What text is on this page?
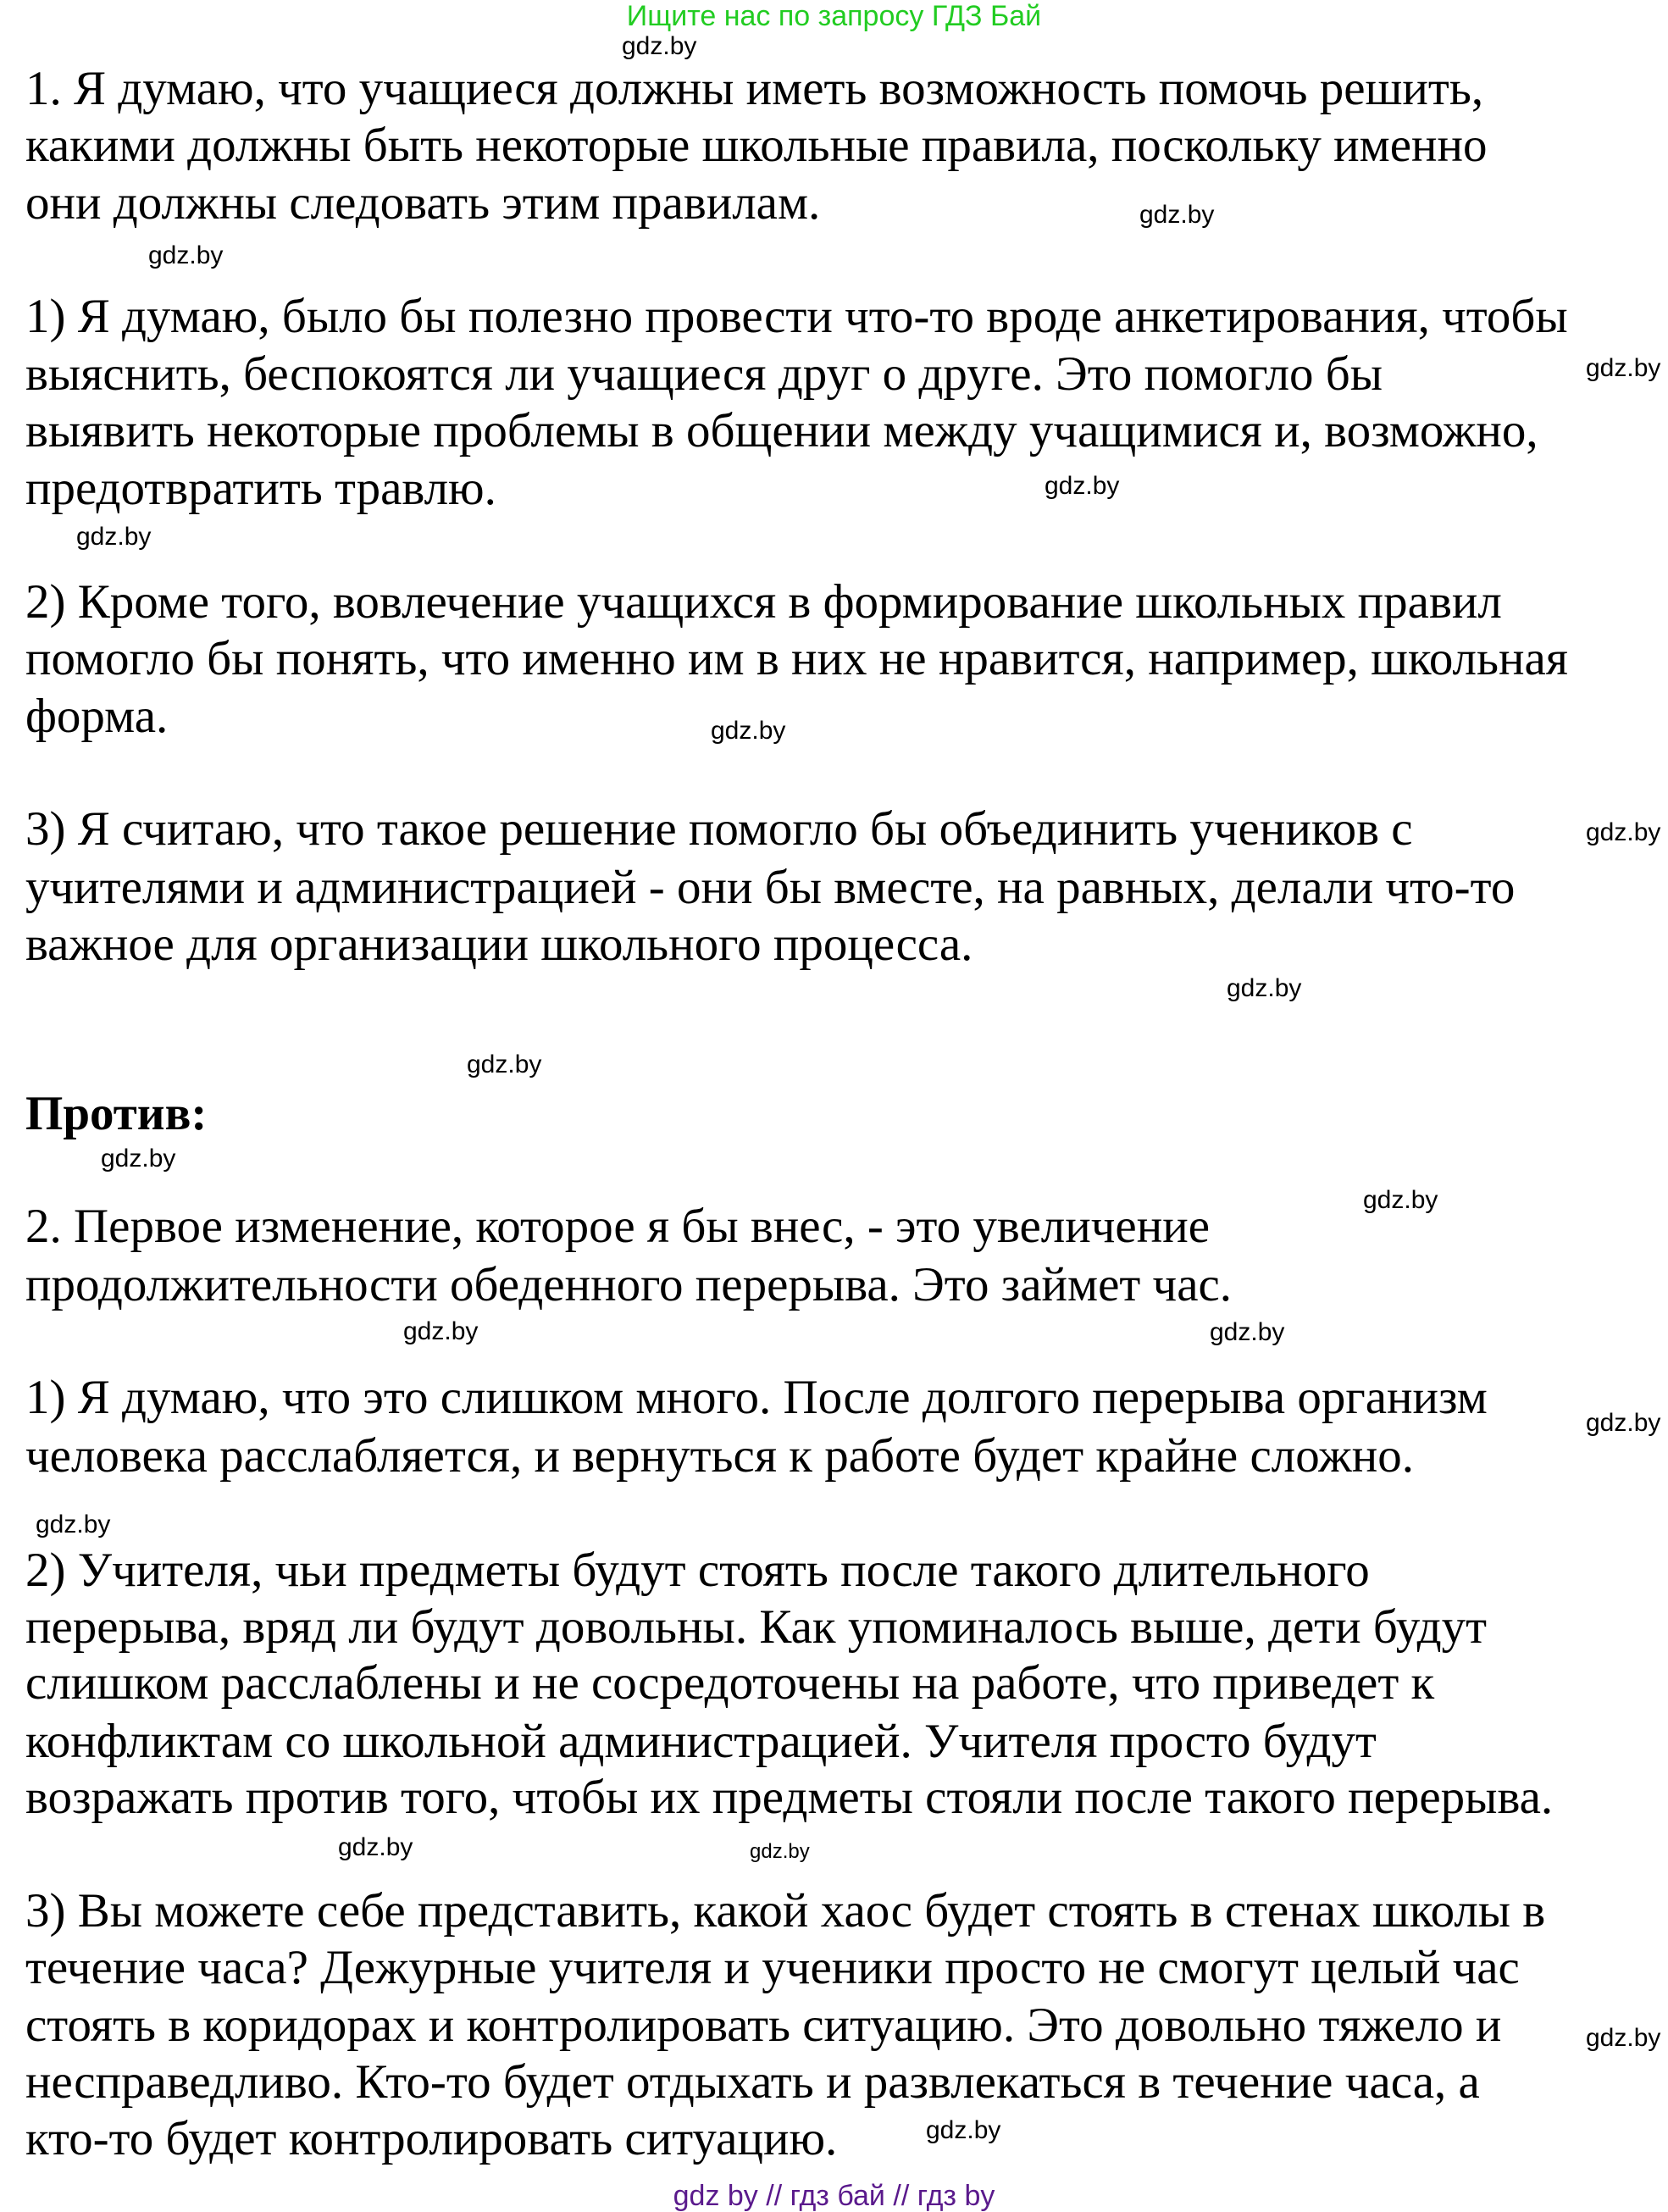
Ищите нас по запросу ГДЗ Бай
1. Я думаю, что учащиеся должны иметь возможность помочь решить,
какими должны быть некоторые школьные правила, поскольку именно
они должны следовать этим правилам.
1) Я думаю, было бы полезно провести что-то вроде анкетирования, чтобы
выяснить, беспокоятся ли учащиеся друг о друге. Это помогло бы
выявить некоторые проблемы в общении между учащимися и, возможно,
предотвратить травлю.
2) Кроме того, вовлечение учащихся в формирование школьных правил
помогло бы понять, что именно им в них не нравится, например, школьная
форма.
3) Я считаю, что такое решение помогло бы объединить учеников с
учителями и администрацией - они бы вместе, на равных, делали что-то
важное для организации школьного процесса.
Против:
2. Первое изменение, которое я бы внес, - это увеличение
продолжительности обеденного перерыва. Это займет час.
1) Я думаю, что это слишком много. После долгого перерыва организм
человека расслабляется, и вернуться к работе будет крайне сложно.
2) Учителя, чьи предметы будут стоять после такого длительного
перерыва, вряд ли будут довольны. Как упоминалось выше, дети будут
слишком расслаблены и не сосредоточены на работе, что приведет к
конфликтам со школьной администрацией. Учителя просто будут
возражать против того, чтобы их предметы стояли после такого перерыва.
3) Вы можете себе представить, какой хаос будет стоять в стенах школы в
течение часа? Дежурные учителя и ученики просто не смогут целый час
стоять в коридорах и контролировать ситуацию. Это довольно тяжело и
несправедливо. Кто-то будет отдыхать и развлекаться в течение часа, а
кто-то будет контролировать ситуацию.
gdz.by
gdz.by
gdz.by
gdz.by
gdz.by
gdz.by
gdz.by
gdz.by
gdz.by
gdz.by
gdz.by
gdz.by
gdz.by	gdz.by
gdz.by
gdz.by
gdz.by	gdz.by
gdz.by
gdz.by
gdz by // гдз бай // гдз by
